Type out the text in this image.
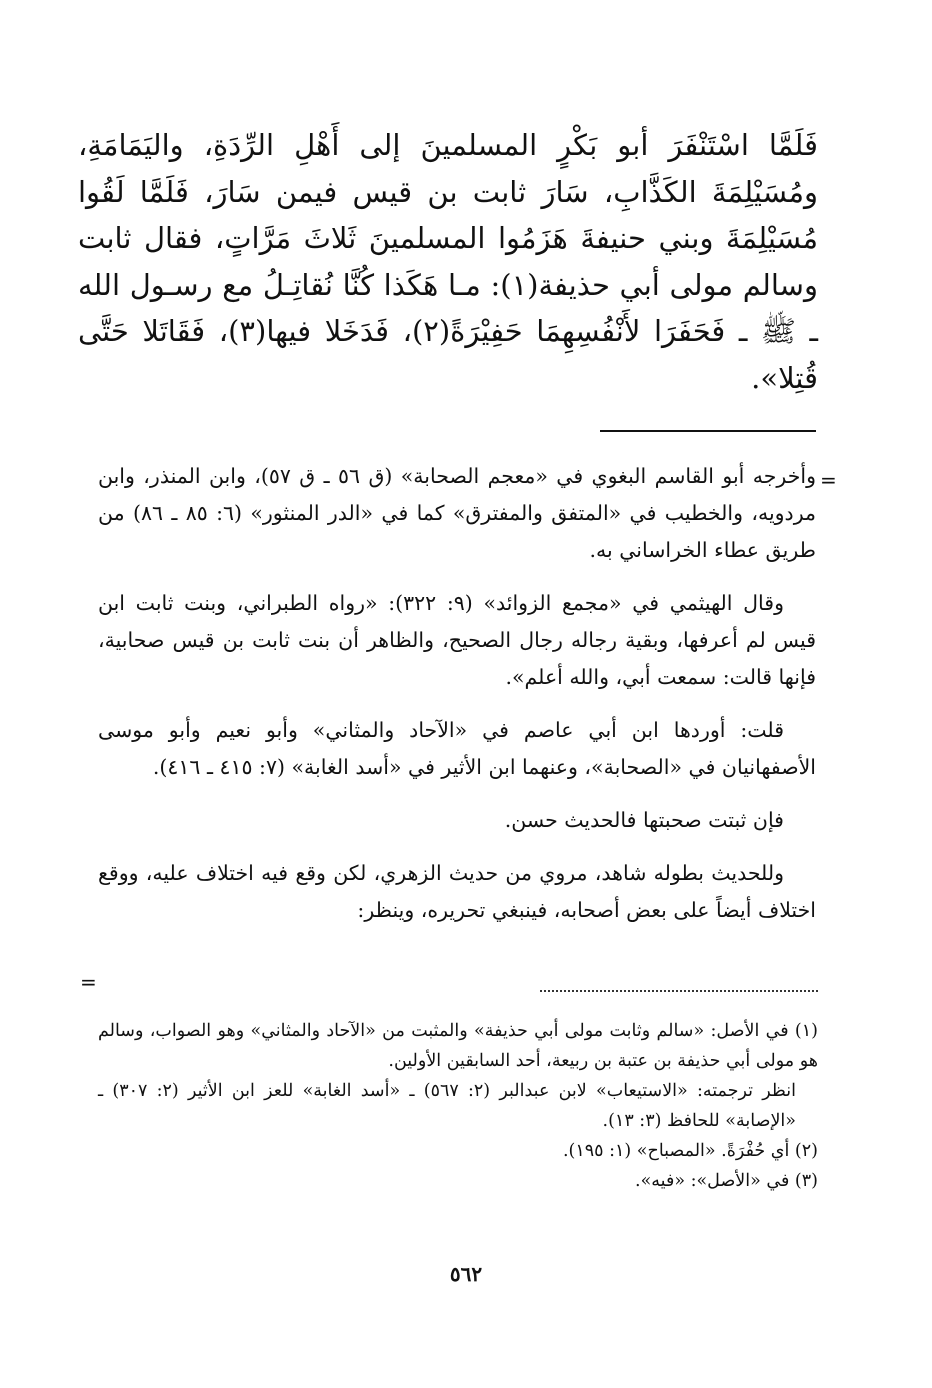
فَلَمَّا اسْتَنْفَرَ أبو بَكْرٍ المسلمينَ إلى أَهْلِ الرِّدَةِ، واليَمَامَةِ، ومُسَيْلِمَةَ الكَذَّابِ، سَارَ ثابت بن قيس فيمن سَارَ، فَلَمَّا لَقُوا مُسَيْلِمَةَ وبني حنيفةَ هَزَمُوا المسلمينَ ثَلاثَ مَرَّاتٍ، فقال ثابت وسالم مولى أبي حذيفة(١): مـا هَكَذا كُنَّا نُقاتِـلُ مع رسـول الله ـ ﷺ ـ فَحَفَرَا لأَنْفُسِهِمَا حَفِيْرَةً(٢)، فَدَخَلا فيها(٣)، فَقَاتَلا حَتَّى قُتِلا».

=

وأخرجه أبو القاسم البغوي في «معجم الصحابة» (ق ٥٦ ـ ق ٥٧)، وابن المنذر، وابن مردويه، والخطيب في «المتفق والمفترق» كما في «الدر المنثور» (٦: ٨٥ ـ ٨٦) من طريق عطاء الخراساني به.

وقال الهيثمي في «مجمع الزوائد» (٩: ٣٢٢): «رواه الطبراني، وبنت ثابت ابن قيس لم أعرفها، وبقية رجاله رجال الصحيح، والظاهر أن بنت ثابت بن قيس صحابية، فإنها قالت: سمعت أبي، والله أعلم».

قلت: أوردها ابن أبي عاصم في «الآحاد والمثاني» وأبو نعيم وأبو موسى الأصفهانيان في «الصحابة»، وعنهما ابن الأثير في «أسد الغابة» (٧: ٤١٥ ـ ٤١٦).

فإن ثبتت صحبتها فالحديث حسن.

وللحديث بطوله شاهد، مروي من حديث الزهري، لكن وقع فيه اختلاف عليه، ووقع اختلاف أيضاً على بعض أصحابه، فينبغي تحريره، وينظر:

=

(١) في الأصل: «سالم وثابت مولى أبي حذيفة» والمثبت من «الآحاد والمثاني» وهو الصواب، وسالم هو مولى أبي حذيفة بن عتبة بن ربيعة، أحد السابقين الأولين.

انظر ترجمته: «الاستيعاب» لابن عبدالبر (٢: ٥٦٧) ـ «أسد الغابة» للعز ابن الأثير (٢: ٣٠٧) ـ «الإصابة» للحافظ (٣: ١٣).

(٢) أي حُفْرَةً. «المصباح» (١: ١٩٥).

(٣) في «الأصل»: «فيه».

٥٦٢
